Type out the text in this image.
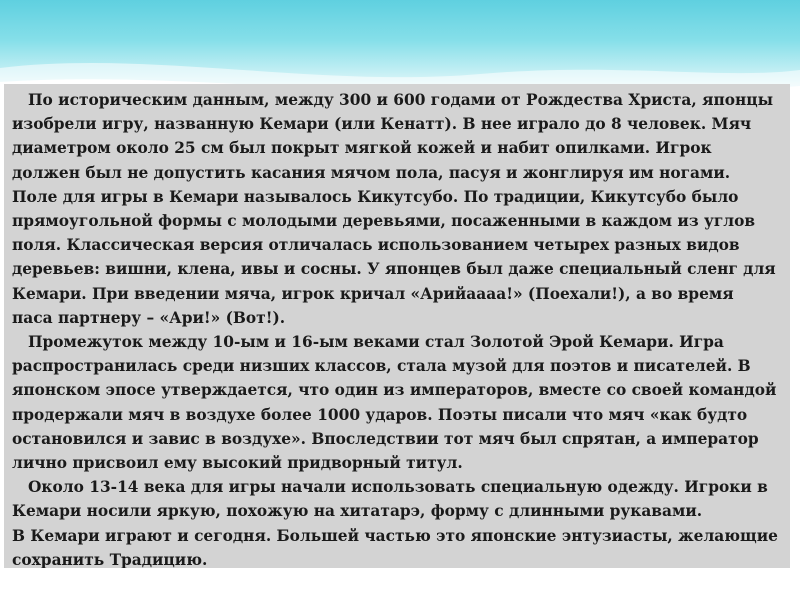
По историческим данным, между 300 и 600 годами от Рождества Христа, японцы изобрели игру, названную Кемари (или Кенатт). В нее играло до 8 человек. Мяч диаметром около 25 см был покрыт мягкой кожей и набит опилками. Игрок должен был не допустить касания мячом пола, пасуя и жонглируя им ногами. Поле для игры в Кемари называлось Кикутсубо. По традиции, Кикутсубо было прямоугольной формы с молодыми деревьями, посаженными в каждом из углов поля. Классическая версия отличалась использованием четырех разных видов деревьев: вишни, клена, ивы и сосны. У японцев был даже специальный сленг для Кемари. При введении мяча, игрок кричал «Арийаааа!» (Поехали!), а во время паса партнеру – «Ари!» (Вот!).

Промежуток между 10-ым и 16-ым веками стал Золотой Эрой Кемари. Игра распространилась среди низших классов, стала музой для поэтов и писателей. В японском эпосе утверждается, что один из императоров, вместе со своей командой продержали мяч в воздухе более 1000 ударов. Поэты писали что мяч «как будто остановился и завис в воздухе». Впоследствии тот мяч был спрятан, а император лично присвоил ему высокий придворный титул.

Около 13-14 века для игры начали использовать специальную одежду. Игроки в Кемари носили яркую, похожую на хитатарэ, форму с длинными рукавами.

В Кемари играют и сегодня. Большей частью это японские энтузиасты, желающие сохранить Традицию.
